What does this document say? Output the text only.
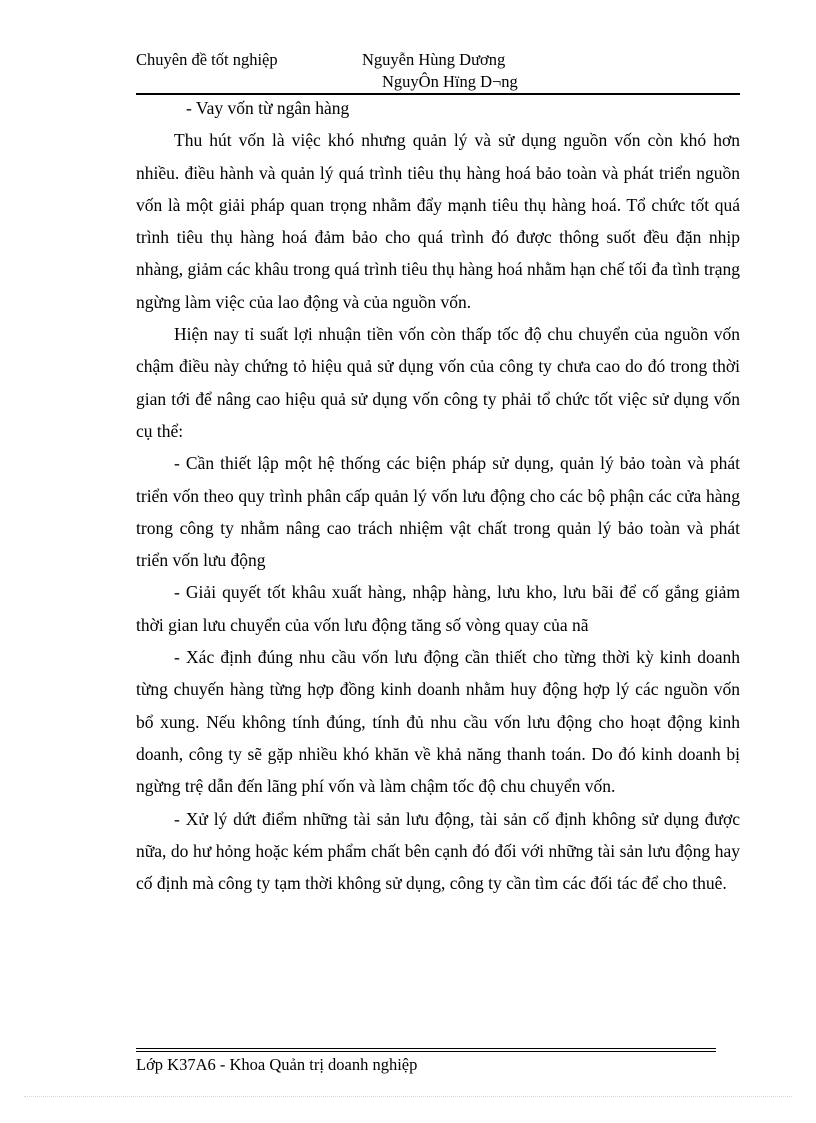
Chuyên đề tốt nghiệp	Nguyễn Hùng Dương
NguyÔn Hïng D¬ng

- Vay vốn từ ngân hàng

Thu hút vốn là việc khó nhưng quản lý và sử dụng nguồn vốn còn khó hơn nhiều. điều hành và quản lý quá trình tiêu thụ hàng hoá bảo toàn và phát triển nguồn vốn là một giải pháp quan trọng nhằm đẩy mạnh tiêu thụ hàng hoá. Tổ chức tốt quá trình tiêu thụ hàng hoá đảm bảo cho quá trình đó được thông suốt đều đặn nhịp nhàng, giảm các khâu trong quá trình tiêu thụ hàng hoá nhằm hạn chế tối đa tình trạng ngừng làm việc của lao động và của nguồn vốn.

Hiện nay tỉ suất lợi nhuận tiền vốn còn thấp tốc độ chu chuyển của nguồn vốn chậm điều này chứng tỏ hiệu quả sử dụng vốn của công ty chưa cao do đó trong thời gian tới để nâng cao hiệu quả sử dụng vốn công ty phải tổ chức tốt việc sử dụng vốn cụ thể:

- Cần thiết lập một hệ thống các biện pháp sử dụng, quản lý bảo toàn và phát triển vốn theo quy trình phân cấp quản lý vốn lưu động cho các bộ phận các cửa hàng trong công ty nhằm nâng cao trách nhiệm vật chất trong quản lý bảo toàn và phát triển vốn lưu động

- Giải quyết tốt khâu xuất hàng, nhập hàng, lưu kho, lưu bãi để cố gắng giảm thời gian lưu chuyển của vốn lưu động tăng số vòng quay của nã

- Xác định đúng nhu cầu vốn lưu động cần thiết cho từng thời kỳ kinh doanh từng chuyến hàng từng hợp đồng kinh doanh nhằm huy động hợp lý các nguồn vốn bổ xung. Nếu không tính đúng, tính đủ nhu cầu vốn lưu động cho hoạt động kinh doanh, công ty sẽ gặp nhiều khó khăn về khả năng thanh toán. Do đó kinh doanh bị ngừng trệ dẫn đến lãng phí vốn và làm chậm tốc độ chu chuyển vốn.

- Xử lý dứt điểm những tài sản lưu động, tài sản cố định không sử dụng được nữa, do hư hỏng hoặc kém phẩm chất bên cạnh đó đối với những tài sản lưu động hay cố định mà công ty tạm thời không sử dụng, công ty cần tìm các đối tác để cho thuê.

Lớp K37A6 - Khoa Quản trị doanh nghiệp
